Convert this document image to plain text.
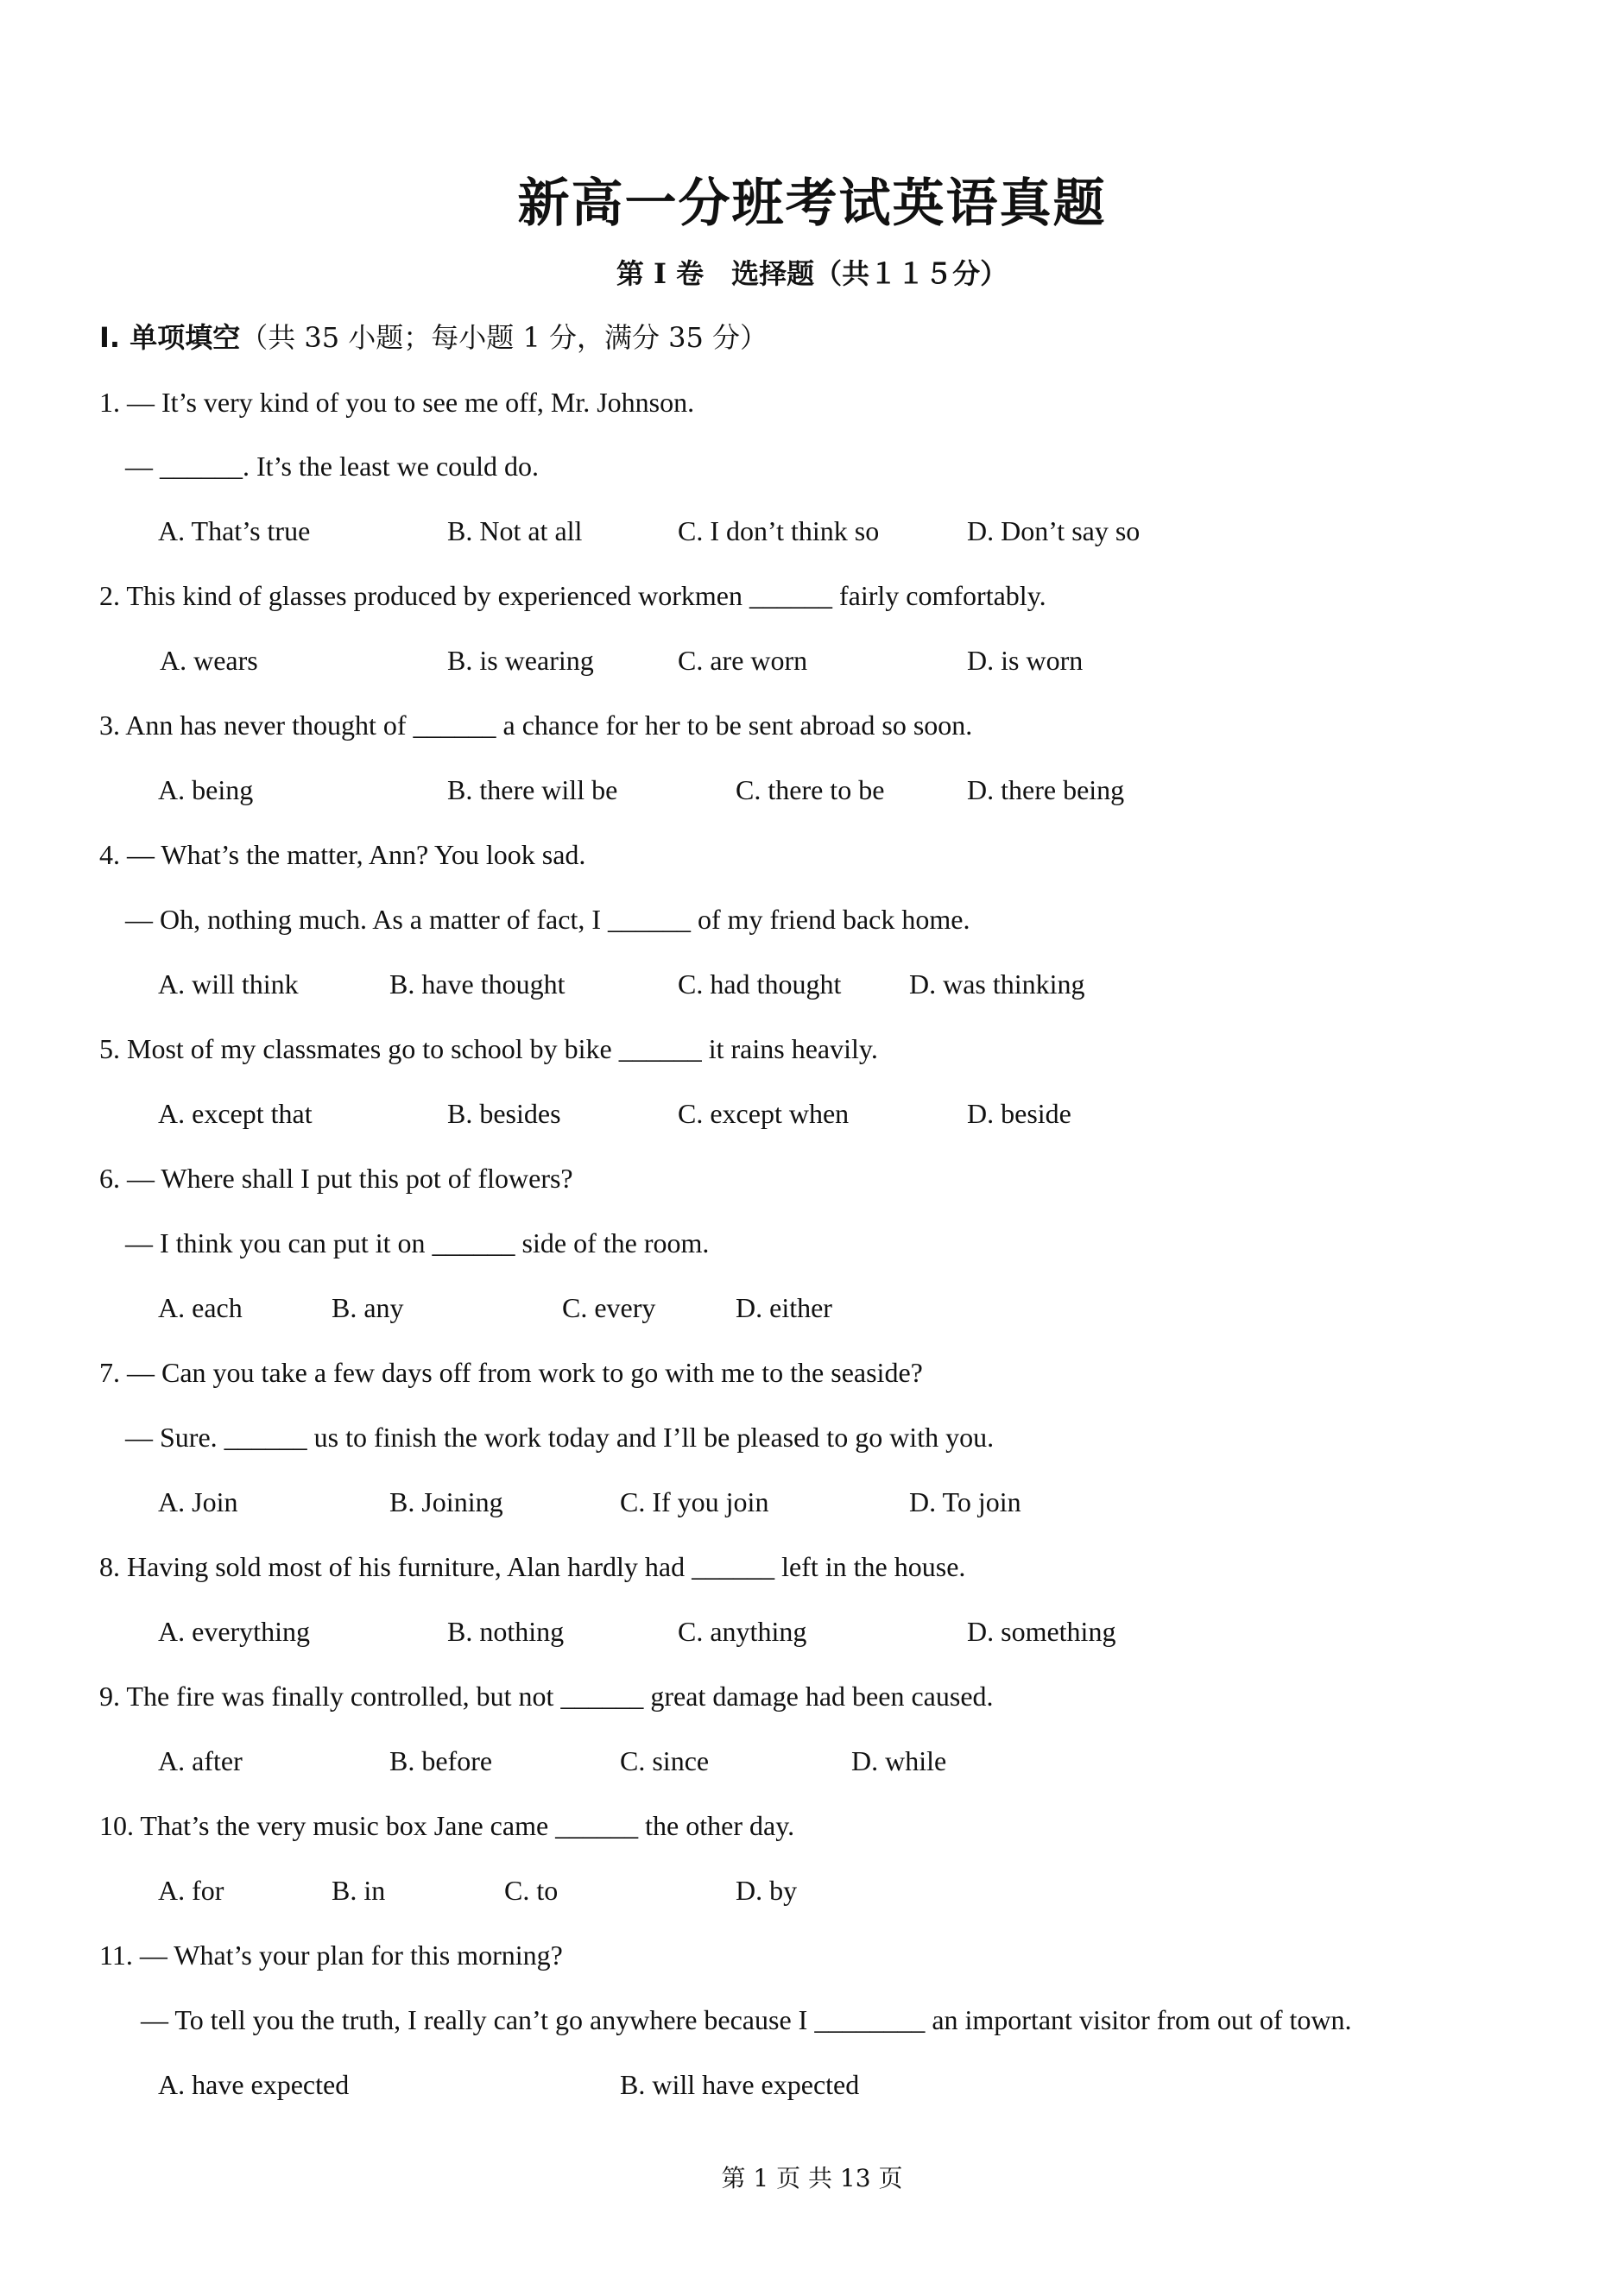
新高一分班考试英语真题
第 I 卷　选择题（共１１５分）
I. 单项填空（共 35 小题；每小题 1 分，满分 35 分）
1. — It’s very kind of you to see me off, Mr. Johnson.
— ______. It’s the least we could do.
A. That’s true	B. Not at all	C. I don’t think so	D. Don’t say so
2. This kind of glasses produced by experienced workmen ______ fairly comfortably.
A. wears	B. is wearing	C. are worn	D. is worn
3. Ann has never thought of ______ a chance for her to be sent abroad so soon.
A. being	B. there will be	C. there to be	D. there being
4. — What’s the matter, Ann? You look sad.
— Oh, nothing much. As a matter of fact, I ______ of my friend back home.
A. will think	B. have thought	C. had thought D. was thinking
5. Most of my classmates go to school by bike ______ it rains heavily.
A. except that	B. besides	C. except when	D. beside
6. — Where shall I put this pot of flowers?
— I think you can put it on ______ side of the room.
A. each	B. any	C. every	D. either
7. — Can you take a few days off from work to go with me to the seaside?
— Sure. ______ us to finish the work today and I’ll be pleased to go with you.
A. Join	B. Joining	C. If you join	D. To join
8. Having sold most of his furniture, Alan hardly had ______ left in the house.
A. everything	B. nothing	C. anything	D. something
9. The fire was finally controlled, but not ______ great damage had been caused.
A. after	B. before	C. since	D. while
10. That’s the very music box Jane came ______ the other day.
A. for	B. in	C. to	D. by
11. — What’s your plan for this morning?
— To tell you the truth, I really can’t go anywhere because I ________ an important visitor from out of town.
A. have expected	B. will have expected
第 1 页 共 13 页
